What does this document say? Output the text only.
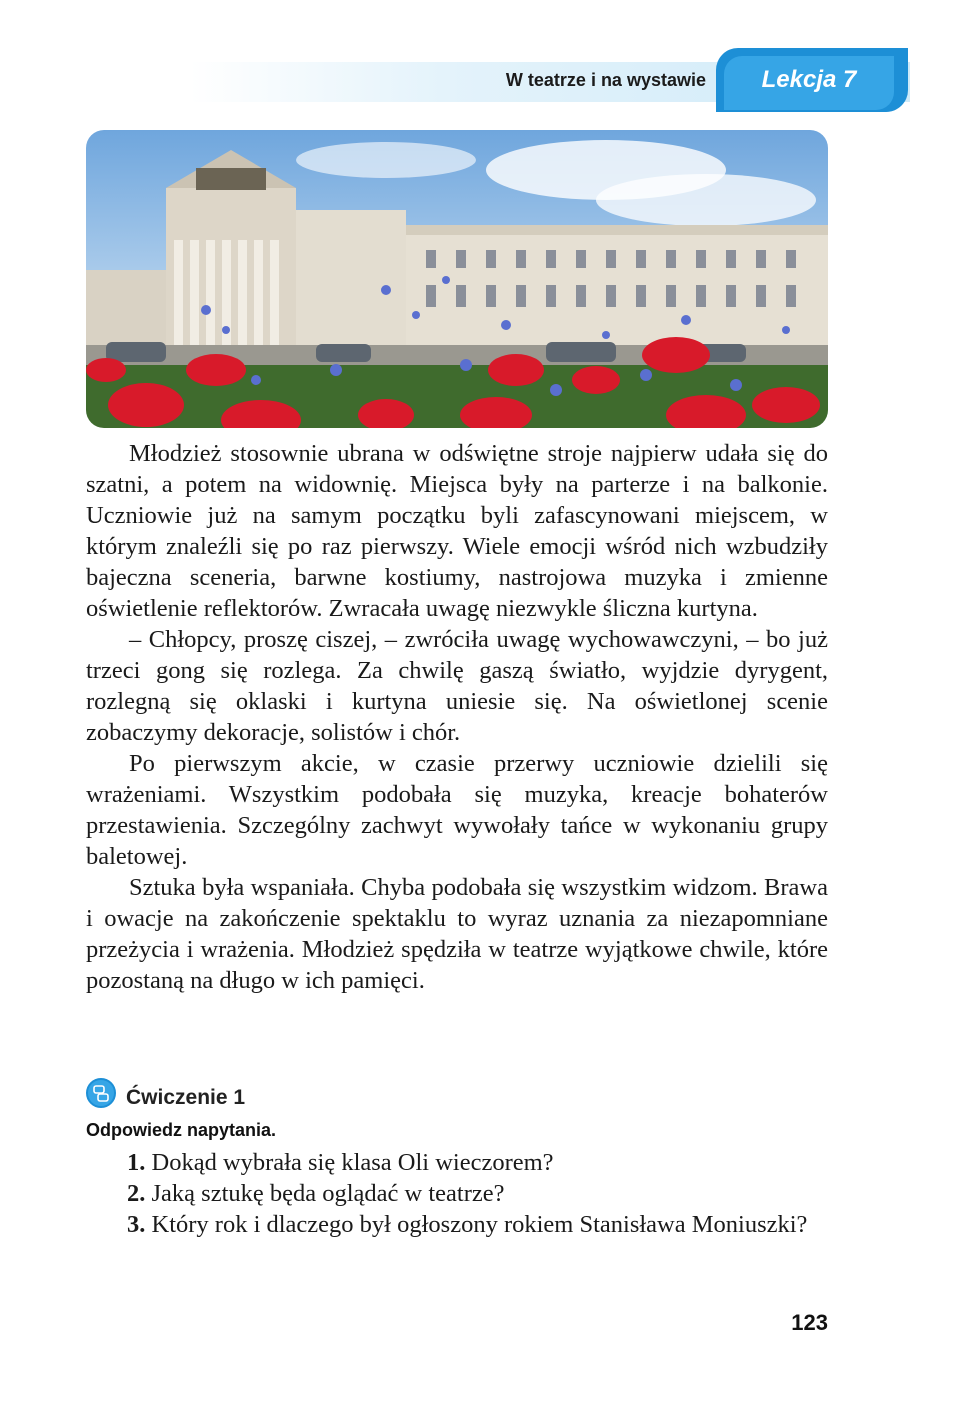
W teatrze i na wystawie	Lekcja 7

Młodzież stosownie ubrana w odświętne stroje najpierw udała się do szatni, a potem na widownię. Miejsca były na parterze i na balkonie. Uczniowie już na samym początku byli zafascynowani miejscem, w którym znaleźli się po raz pierwszy. Wiele emocji wśród nich wzbudziły bajeczna sceneria, barwne kostiumy, nastrojowa muzyka i zmienne oświetlenie reflektorów. Zwracała uwagę niezwykle śliczna kurtyna.

– Chłopcy, proszę ciszej, – zwróciła uwagę wychowawczyni, – bo już trzeci gong się rozlega. Za chwilę gaszą światło, wyjdzie dyrygent, rozlegną się oklaski i kurtyna uniesie się. Na oświetlonej scenie zobaczymy dekoracje, solistów i chór.

Po pierwszym akcie, w czasie przerwy uczniowie dzielili się wrażeniami. Wszystkim podobała się muzyka, kreacje bohaterów przestawienia. Szczególny zachwyt wywołały tańce w wykonaniu grupy baletowej.

Sztuka była wspaniała. Chyba podobała się wszystkim widzom. Brawa i owacje na zakończenie spektaklu to wyraz uznania za niezapomniane przeżycia i wrażenia. Młodzież spędziła w teatrze wyjątkowe chwile, które pozostaną na długo w ich pamięci.

Ćwiczenie 1
Odpowiedz napytania.

1. Dokąd wybrała się klasa Oli wieczorem?

2. Jaką sztukę będa oglądać w teatrze?

3. Który rok i dlaczego był ogłoszony rokiem Stanisława Moniuszki?

123
